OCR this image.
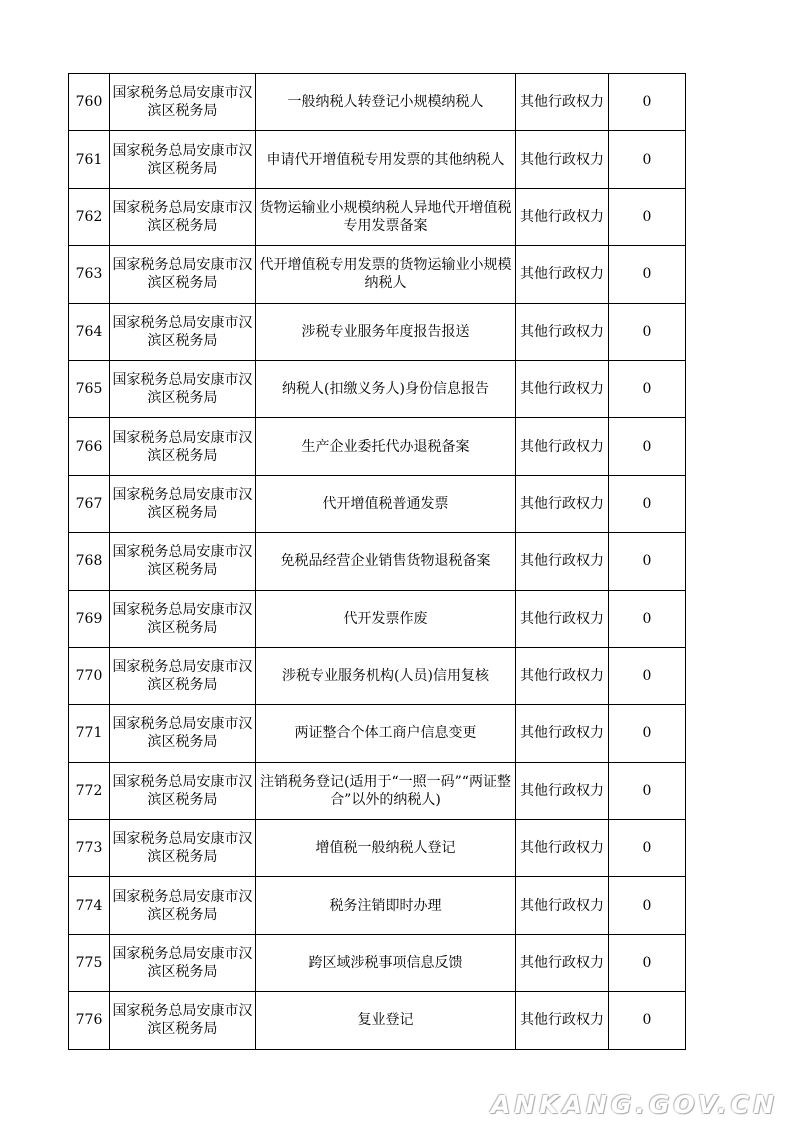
760	国家税务总局安康市汉滨区税务局	一般纳税人转登记小规模纳税人	其他行政权力	0
761	国家税务总局安康市汉滨区税务局	申请代开增值税专用发票的其他纳税人	其他行政权力	0
762	国家税务总局安康市汉滨区税务局	货物运输业小规模纳税人异地代开增值税专用发票备案	其他行政权力	0
763	国家税务总局安康市汉滨区税务局	代开增值税专用发票的货物运输业小规模纳税人	其他行政权力	0
764	国家税务总局安康市汉滨区税务局	涉税专业服务年度报告报送	其他行政权力	0
765	国家税务总局安康市汉滨区税务局	纳税人(扣缴义务人)身份信息报告	其他行政权力	0
766	国家税务总局安康市汉滨区税务局	生产企业委托代办退税备案	其他行政权力	0
767	国家税务总局安康市汉滨区税务局	代开增值税普通发票	其他行政权力	0
768	国家税务总局安康市汉滨区税务局	免税品经营企业销售货物退税备案	其他行政权力	0
769	国家税务总局安康市汉滨区税务局	代开发票作废	其他行政权力	0
770	国家税务总局安康市汉滨区税务局	涉税专业服务机构(人员)信用复核	其他行政权力	0
771	国家税务总局安康市汉滨区税务局	两证整合个体工商户信息变更	其他行政权力	0
772	国家税务总局安康市汉滨区税务局	注销税务登记(适用于“一照一码”“两证整合”以外的纳税人)	其他行政权力	0
773	国家税务总局安康市汉滨区税务局	增值税一般纳税人登记	其他行政权力	0
774	国家税务总局安康市汉滨区税务局	税务注销即时办理	其他行政权力	0
775	国家税务总局安康市汉滨区税务局	跨区域涉税事项信息反馈	其他行政权力	0
776	国家税务总局安康市汉滨区税务局	复业登记	其他行政权力	0
ANKANG.GOV.CN
